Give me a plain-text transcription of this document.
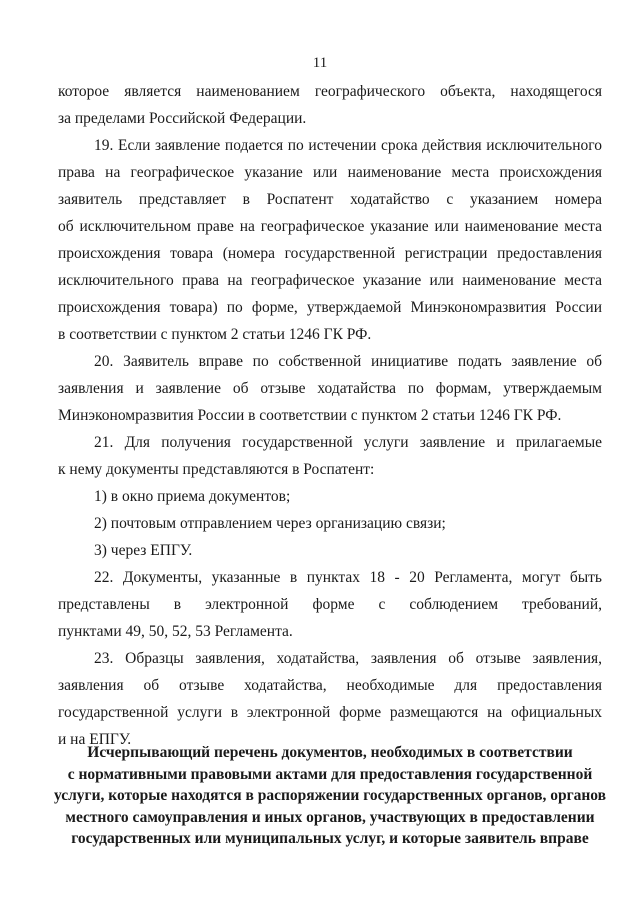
11
которое является наименованием географического объекта, находящегося
за пределами Российской Федерации.
19. Если заявление подается по истечении срока действия исключительного
права на географическое указание или наименование места происхождения
заявитель представляет в Роспатент ходатайство с указанием номера
об исключительном праве на географическое указание или наименование места
происхождения товара (номера государственной регистрации предоставления
исключительного права на географическое указание или наименование места
происхождения товара) по форме, утверждаемой Минэкономразвития России
в соответствии с пунктом 2 статьи 1246 ГК РФ.
20. Заявитель вправе по собственной инициативе подать заявление об
заявления и заявление об отзыве ходатайства по формам, утверждаемым
Минэкономразвития России в соответствии с пунктом 2 статьи 1246 ГК РФ.
21. Для получения государственной услуги заявление и прилагаемые
к нему документы представляются в Роспатент:
1) в окно приема документов;
2) почтовым отправлением через организацию связи;
3) через ЕПГУ.
22. Документы, указанные в пунктах 18 - 20 Регламента, могут быть
представлены в электронной форме с соблюдением требований,
пунктами 49, 50, 52, 53 Регламента.
23. Образцы заявления, ходатайства, заявления об отзыве заявления,
заявления об отзыве ходатайства, необходимые для предоставления
государственной услуги в электронной форме размещаются на официальных
и на ЕПГУ.
Исчерпывающий перечень документов, необходимых в соответствии
с нормативными правовыми актами для предоставления государственной
услуги, которые находятся в распоряжении государственных органов, органов
местного самоуправления и иных органов, участвующих в предоставлении
государственных или муниципальных услуг, и которые заявитель вправе
